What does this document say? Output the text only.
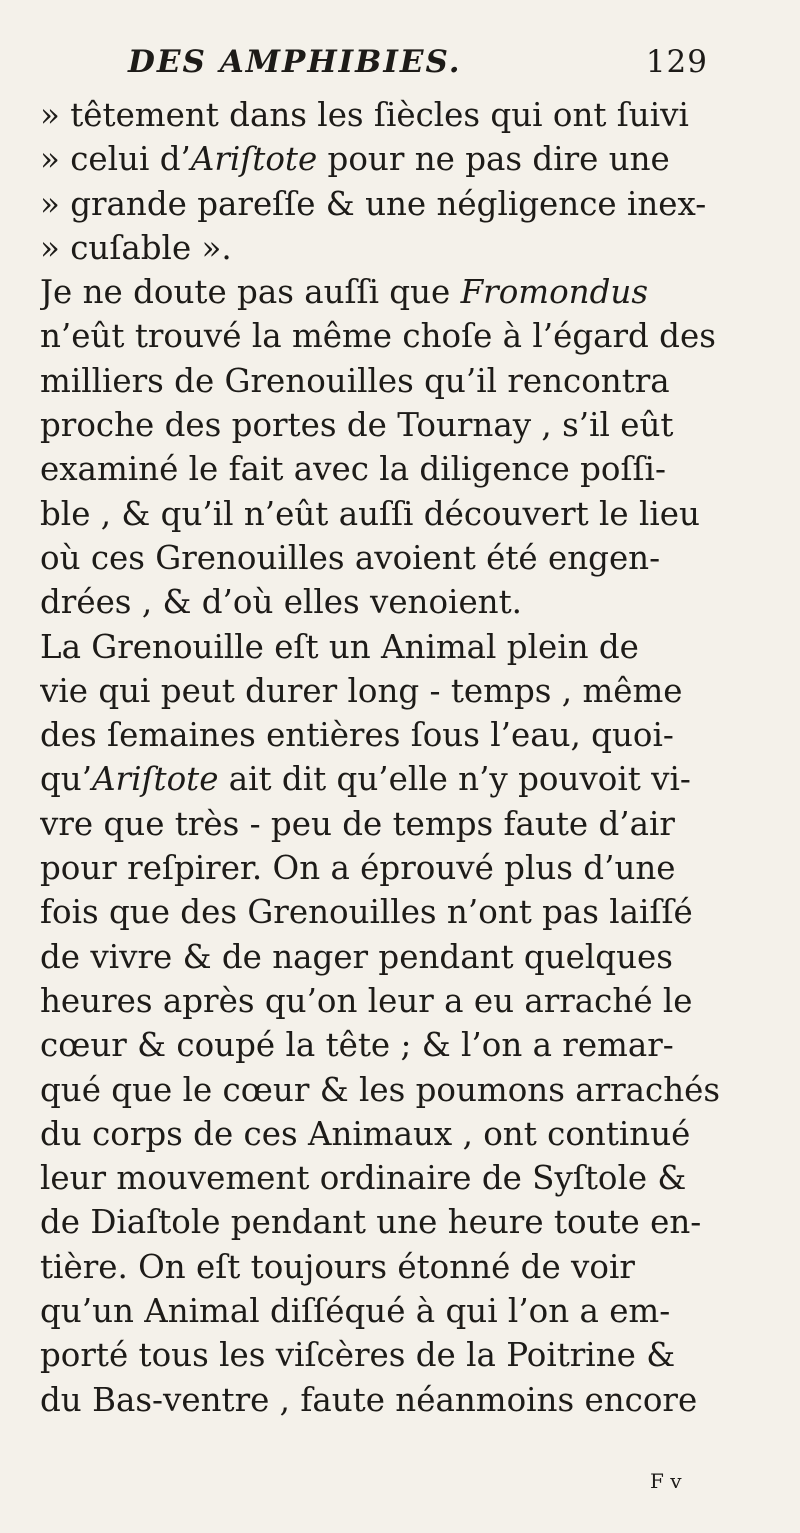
DES AMPHIBIES.	129
» têtement dans les ſiècles qui ont ſuivi
» celui d’Ariſtote pour ne pas dire une
» grande pareſſe & une négligence inex-
» cuſable ».
Je ne doute pas auſſi que Fromondus
n’eût trouvé la même choſe à l’égard des
milliers de Grenouilles qu’il rencontra
proche des portes de Tournay , s’il eût
examiné le fait avec la diligence poſſi-
ble , & qu’il n’eût auſſi découvert le lieu
où ces Grenouilles avoient été engen-
drées , & d’où elles venoient.
La Grenouille eſt un Animal plein de
vie qui peut durer long - temps , même
des ſemaines entières ſous l’eau, quoi-
qu’Ariſtote ait dit qu’elle n’y pouvoit vi-
vre que très - peu de temps faute d’air
pour reſpirer. On a éprouvé plus d’une
fois que des Grenouilles n’ont pas laiſſé
de vivre & de nager pendant quelques
heures après qu’on leur a eu arraché le
cœur & coupé la tête ; & l’on a remar-
qué que le cœur & les poumons arrachés
du corps de ces Animaux , ont continué
leur mouvement ordinaire de Syſtole &
de Diaſtole pendant une heure toute en-
tière. On eſt toujours étonné de voir
qu’un Animal diſſéqué à qui l’on a em-
porté tous les viſcères de la Poitrine &
du Bas-ventre , faute néanmoins encore
F v
